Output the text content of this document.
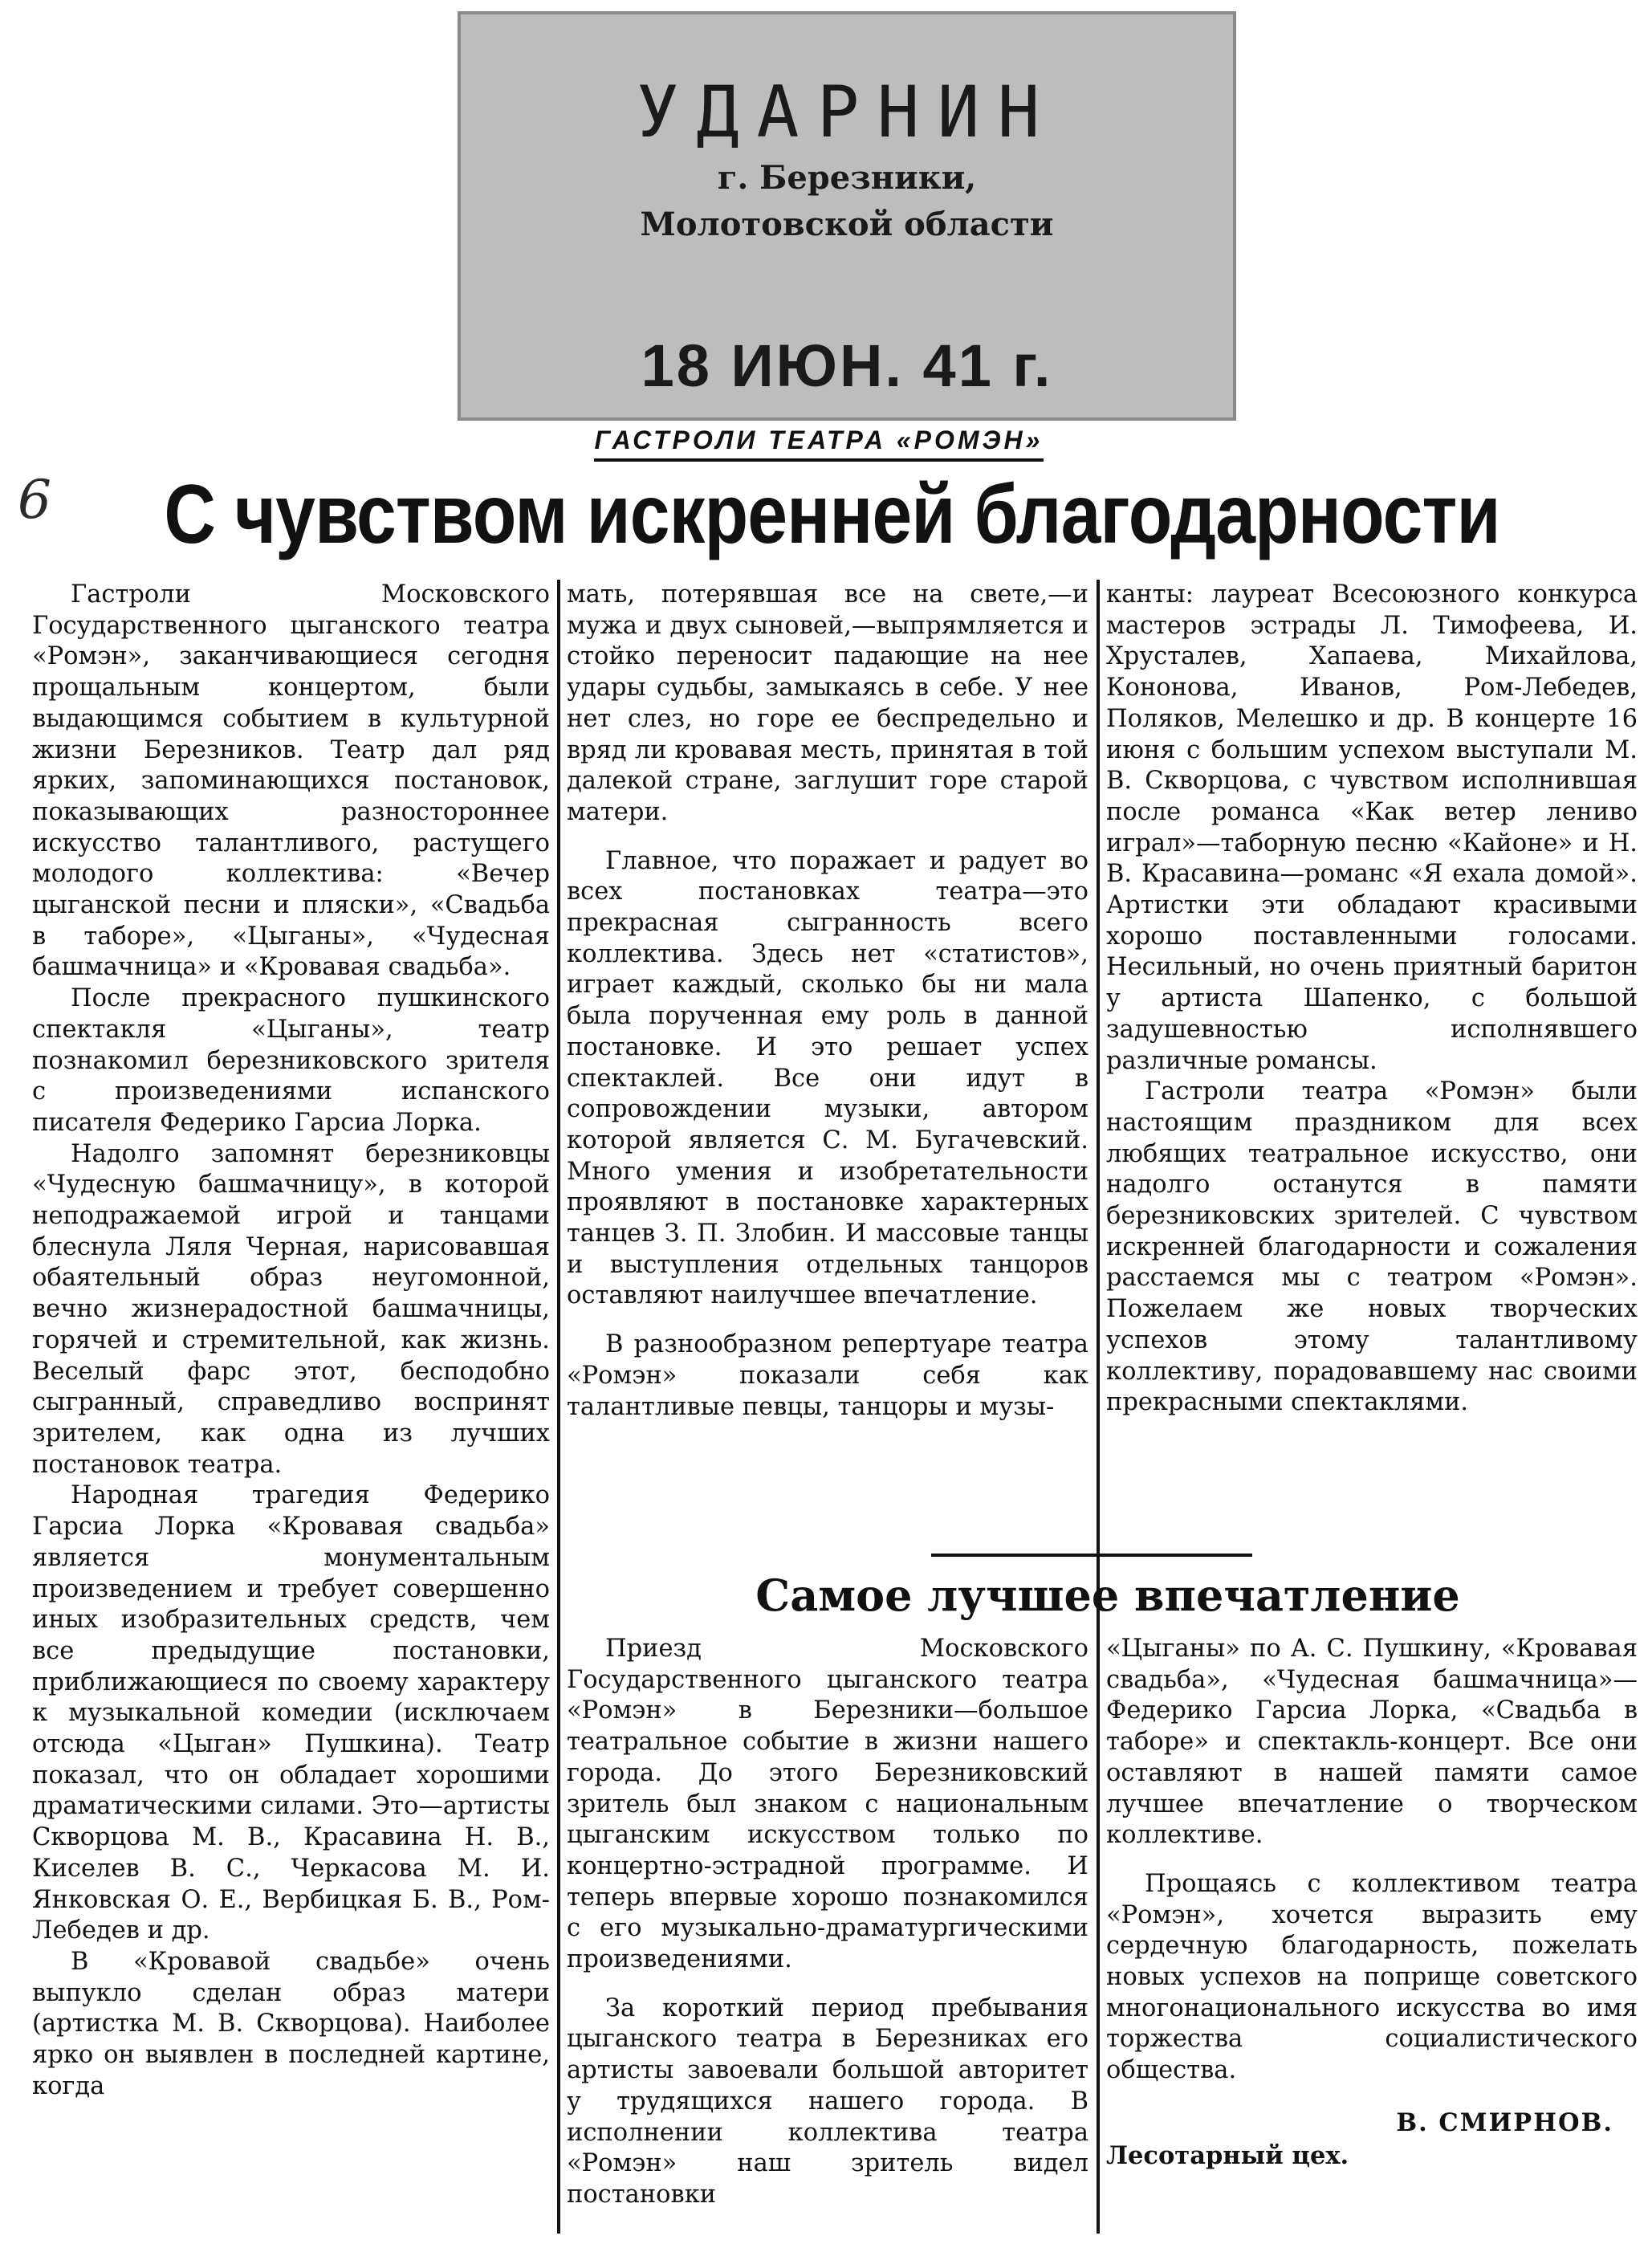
УДАРНИН
г. Березники,
Молотовской области
18 ИЮН. 41 г.
ГАСТРОЛИ ТЕАТРА «РОМЭН»
6 С чувством искренней благодарности

Гастроли Московского Государственного цыганского театра «Ромэн», заканчивающиеся сегодня прощальным концертом, были выдающимся событием в культурной жизни Березников. Театр дал ряд ярких, запоминающихся постановок, показывающих разностороннее искусство талантливого, растущего молодого коллектива: «Вечер цыганской песни и пляски», «Свадьба в таборе», «Цыганы», «Чудесная башмачница» и «Кровавая свадьба».

После прекрасного пушкинского спектакля «Цыганы», театр познакомил березниковского зрителя с произведениями испанского писателя Федерико Гарсиа Лорка.

Надолго запомнят березниковцы «Чудесную башмачницу», в которой неподражаемой игрой и танцами блеснула Ляля Черная, нарисовавшая обаятельный образ неугомонной, вечно жизнерадостной башмачницы, горячей и стремительной, как жизнь. Веселый фарс этот, бесподобно сыгранный, справедливо воспринят зрителем, как одна из лучших постановок театра.

Народная трагедия Федерико Гарсиа Лорка «Кровавая свадьба» является монументальным произведением и требует совершенно иных изобразительных средств, чем все предыдущие постановки, приближающиеся по своему характеру к музыкальной комедии (исключаем отсюда «Цыган» Пушкина). Театр показал, что он обладает хорошими драматическими силами. Это—артисты Скворцова М. В., Красавина Н. В., Киселев В. С., Черкасова М. И. Янковская О. Е., Вербицкая Б. В., Ром-Лебедев и др.

В «Кровавой свадьбе» очень выпукло сделан образ матери (артистка М. В. Скворцова). Наиболее ярко он выявлен в последней картине, когда

мать, потерявшая все на свете,—и мужа и двух сыновей,—выпрямляется и стойко переносит падающие на нее удары судьбы, замыкаясь в себе. У нее нет слез, но горе ее беспредельно и вряд ли кровавая месть, принятая в той далекой стране, заглушит горе старой матери.

Главное, что поражает и радует во всех постановках театра—это прекрасная сыгранность всего коллектива. Здесь нет «статистов», играет каждый, сколько бы ни мала была порученная ему роль в данной постановке. И это решает успех спектаклей. Все они идут в сопровождении музыки, автором которой является С. М. Бугачевский. Много умения и изобретательности проявляют в постановке характерных танцев З. П. Злобин. И массовые танцы и выступления отдельных танцоров оставляют наилучшее впечатление.

В разнообразном репертуаре театра «Ромэн» показали себя как талантливые певцы, танцоры и музы-

канты: лауреат Всесоюзного конкурса мастеров эстрады Л. Тимофеева, И. Хрусталев, Хапаева, Михайлова, Кононова, Иванов, Ром-Лебедев, Поляков, Мелешко и др. В концерте 16 июня с большим успехом выступали М. В. Скворцова, с чувством исполнившая после романса «Как ветер лениво играл»—таборную песню «Кайоне» и Н. В. Красавина—романс «Я ехала домой». Артистки эти обладают красивыми хорошо поставленными голосами. Несильный, но очень приятный баритон у артиста Шапенко, с большой задушевностью исполнявшего различные романсы.

Гастроли театра «Ромэн» были настоящим праздником для всех любящих театральное искусство, они надолго останутся в памяти березниковских зрителей. С чувством искренней благодарности и сожаления расстаемся мы с театром «Ромэн». Пожелаем же новых творческих успехов этому талантливому коллективу, порадовавшему нас своими прекрасными спектаклями.

Самое лучшее впечатление

Приезд Московского Государственного цыганского театра «Ромэн» в Березники—большое театральное событие в жизни нашего города. До этого Березниковский зритель был знаком с национальным цыганским искусством только по концертно-эстрадной программе. И теперь впервые хорошо познакомился с его музыкально-драматургическими произведениями.

За короткий период пребывания цыганского театра в Березниках его артисты завоевали большой авторитет у трудящихся нашего города. В исполнении коллектива театра «Ромэн» наш зритель видел постановки

«Цыганы» по А. С. Пушкину, «Кровавая свадьба», «Чудесная башмачница»—Федерико Гарсиа Лорка, «Свадьба в таборе» и спектакль-концерт. Все они оставляют в нашей памяти самое лучшее впечатление о творческом коллективе.

Прощаясь с коллективом театра «Ромэн», хочется выразить ему сердечную благодарность, пожелать новых успехов на поприще советского многонационального искусства во имя торжества социалистического общества.

В. СМИРНОВ.
Лесотарный цех.
